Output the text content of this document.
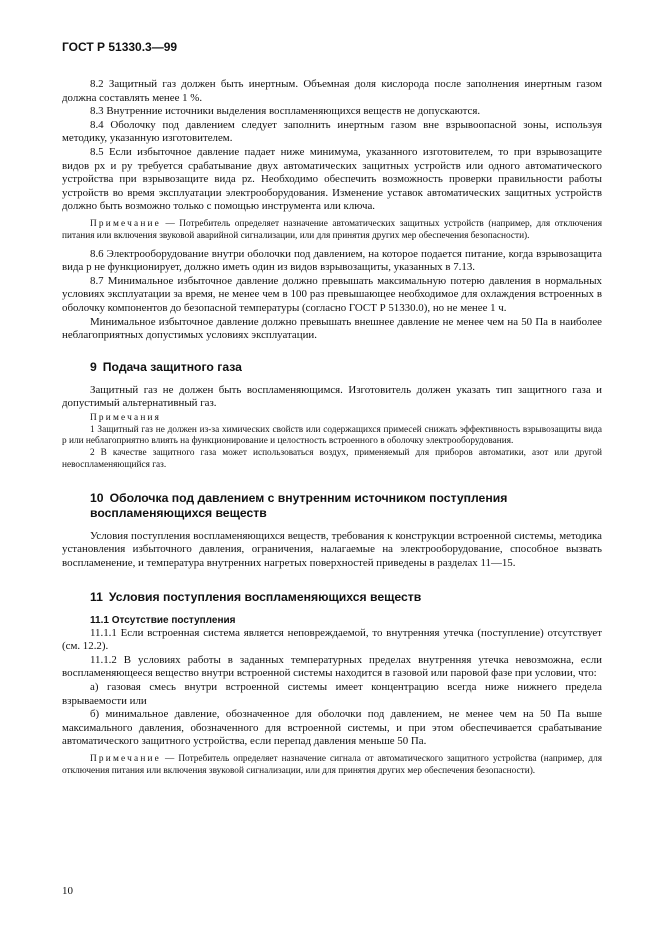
ГОСТ Р 51330.3—99

8.2 Защитный газ должен быть инертным. Объемная доля кислорода после заполнения инертным газом должна составлять менее 1 %.

8.3 Внутренние источники выделения воспламеняющихся веществ не допускаются.

8.4 Оболочку под давлением следует заполнить инертным газом вне взрывоопасной зоны, используя методику, указанную изготовителем.

8.5 Если избыточное давление падает ниже минимума, указанного изготовителем, то при взрывозащите видов px и py требуется срабатывание двух автоматических защитных устройств или одного автоматического устройства при взрывозащите вида pz. Необходимо обеспечить возможность проверки правильности работы устройств во время эксплуатации электрооборудования. Изменение уставок автоматических защитных устройств должно быть возможно только с помощью инструмента или ключа.

Примечание — Потребитель определяет назначение автоматических защитных устройств (например, для отключения питания или включения звуковой аварийной сигнализации, или для принятия других мер обеспечения безопасности).

8.6 Электрооборудование внутри оболочки под давлением, на которое подается питание, когда взрывозащита вида р не функционирует, должно иметь один из видов взрывозащиты, указанных в 7.13.

8.7 Минимальное избыточное давление должно превышать максимальную потерю давления в нормальных условиях эксплуатации за время, не менее чем в 100 раз превышающее необходимое для охлаждения встроенных в оболочку компонентов до безопасной температуры (согласно ГОСТ Р 51330.0), но не менее 1 ч.

Минимальное избыточное давление должно превышать внешнее давление не менее чем на 50 Па в наиболее неблагоприятных допустимых условиях эксплуатации.

9 Подача защитного газа

Защитный газ не должен быть воспламеняющимся. Изготовитель должен указать тип защитного газа и допустимый альтернативный газ.

Примечания

1 Защитный газ не должен из-за химических свойств или содержащихся примесей снижать эффективность взрывозащиты вида р или неблагоприятно влиять на функционирование и целостность встроенного в оболочку электрооборудования.

2 В качестве защитного газа может использоваться воздух, применяемый для приборов автоматики, азот или другой невоспламеняющийся газ.

10 Оболочка под давлением с внутренним источником поступления воспламеняющихся веществ

Условия поступления воспламеняющихся веществ, требования к конструкции встроенной системы, методика установления избыточного давления, ограничения, налагаемые на электрооборудование, способное вызвать воспламенение, и температура внутренних нагретых поверхностей приведены в разделах 11—15.

11 Условия поступления воспламеняющихся веществ

11.1 Отсутствие поступления

11.1.1 Если встроенная система является неповреждаемой, то внутренняя утечка (поступление) отсутствует (см. 12.2).

11.1.2 В условиях работы в заданных температурных пределах внутренняя утечка невозможна, если воспламеняющееся вещество внутри встроенной системы находится в газовой или паровой фазе при условии, что:

а) газовая смесь внутри встроенной системы имеет концентрацию всегда ниже нижнего предела взрываемости или

б) минимальное давление, обозначенное для оболочки под давлением, не менее чем на 50 Па выше максимального давления, обозначенного для встроенной системы, и при этом обеспечивается срабатывание автоматического защитного устройства, если перепад давления меньше 50 Па.

Примечание — Потребитель определяет назначение сигнала от автоматического защитного устройства (например, для отключения питания или включения звуковой сигнализации, или для принятия других мер обеспечения безопасности).

10
